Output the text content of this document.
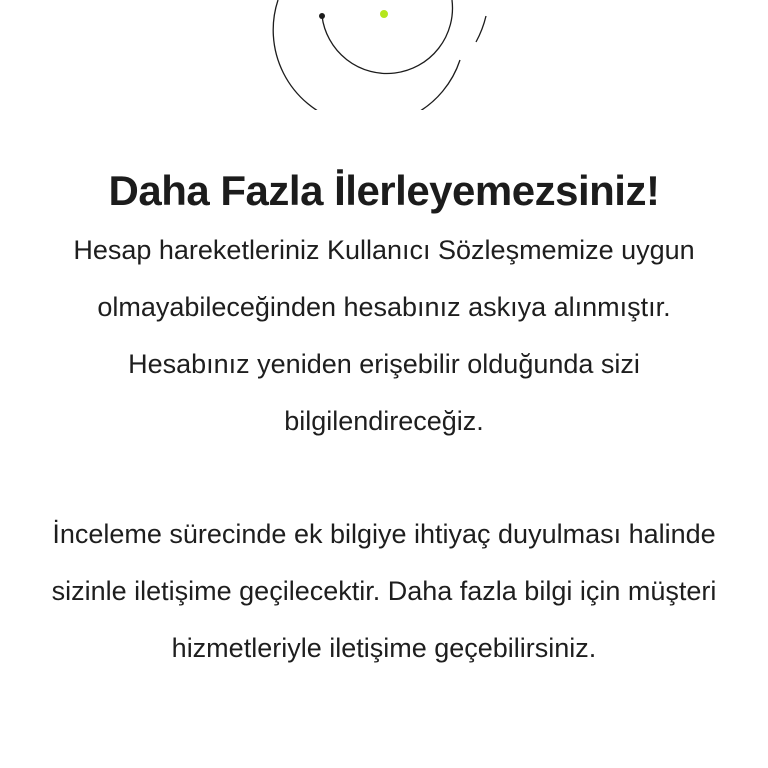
Daha Fazla İlerleyemezsiniz!

Hesap hareketleriniz Kullanıcı Sözleşmemize uygun olmayabileceğinden hesabınız askıya alınmıştır. Hesabınız yeniden erişebilir olduğunda sizi bilgilendireceğiz.

İnceleme sürecinde ek bilgiye ihtiyaç duyulması halinde sizinle iletişime geçilecektir. Daha fazla bilgi için müşteri hizmetleriyle iletişime geçebilirsiniz.
